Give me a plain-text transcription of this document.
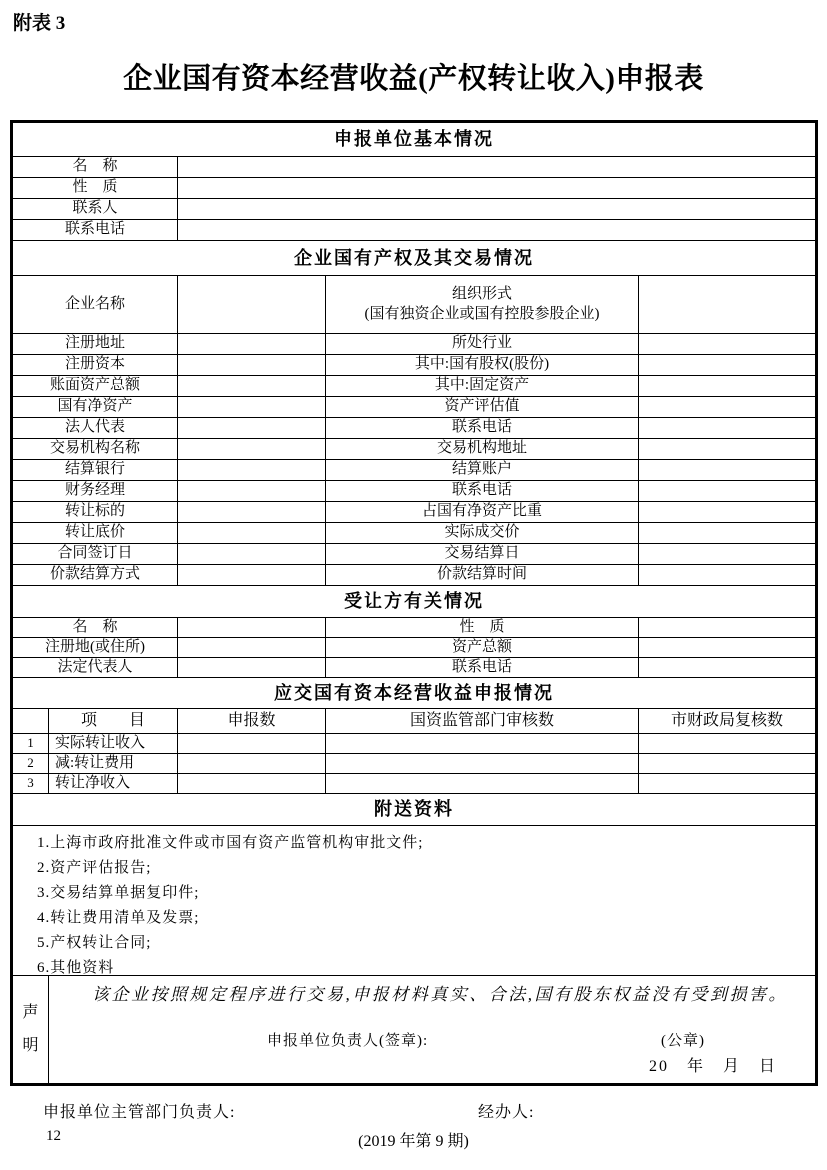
附表 3
企业国有资本经营收益(产权转让收入)申报表
申报单位基本情况
名　称
性　质
联系人
联系电话
企业国有产权及其交易情况
企业名称
组织形式
(国有独资企业或国有控股参股企业)
注册地址	所处行业
注册资本	其中:国有股权(股份)
账面资产总额	其中:固定资产
国有净资产	资产评估值
法人代表	联系电话
交易机构名称	交易机构地址
结算银行	结算账户
财务经理	联系电话
转让标的	占国有净资产比重
转让底价	实际成交价
合同签订日	交易结算日
价款结算方式	价款结算时间
受让方有关情况
名　称	性　质
注册地(或住所)	资产总额
法定代表人	联系电话
应交国有资本经营收益申报情况
项　　目	申报数	国资监管部门审核数	市财政局复核数
1	实际转让收入
2	减:转让费用
3	转让净收入
附送资料
1.上海市政府批准文件或市国有资产监管机构审批文件;
2.资产评估报告;
3.交易结算单据复印件;
4.转让费用清单及发票;
5.产权转让合同;
6.其他资料
声
明
该企业按照规定程序进行交易,申报材料真实、合法,国有股东权益没有受到损害。
申报单位负责人(签章):	(公章)
20　年　月　日
申报单位主管部门负责人:	经办人:
12	(2019 年第 9 期)
